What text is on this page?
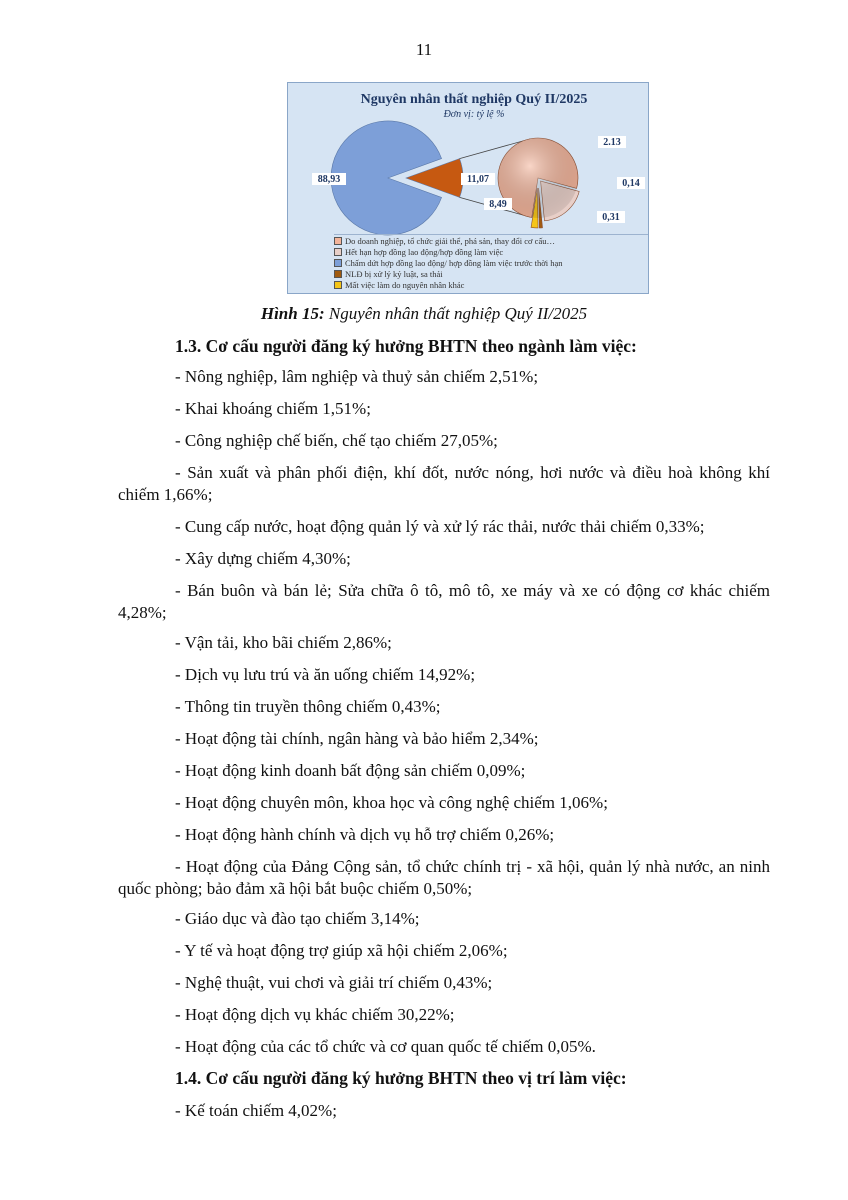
11
Nguyên nhân thất nghiệp Quý II/2025
Đơn vị: tỷ lệ %
88,93	11,07
8,49
2.13
0,14
0,31
Do doanh nghiệp, tổ chức giải thể, phá sản, thay đổi cơ cấu…
Hết hạn hợp đồng lao động/hợp đồng làm việc
Chấm dứt hợp đồng lao động/ hợp đồng làm việc trước thời hạn
NLĐ bị xử lý kỷ luật, sa thải
Mất việc làm do nguyên nhân khác
Hình 15: Nguyên nhân thất nghiệp Quý II/2025
1.3. Cơ cấu người đăng ký hưởng BHTN theo ngành làm việc:
- Nông nghiệp, lâm nghiệp và thuỷ sản chiếm 2,51%;
- Khai khoáng chiếm 1,51%;
- Công nghiệp chế biến, chế tạo chiếm 27,05%;
- Sản xuất và phân phối điện, khí đốt, nước nóng, hơi nước và điều hoà không khí chiếm 1,66%;
- Cung cấp nước, hoạt động quản lý và xử lý rác thải, nước thải chiếm 0,33%;
- Xây dựng chiếm 4,30%;
- Bán buôn và bán lẻ; Sửa chữa ô tô, mô tô, xe máy và xe có động cơ khác chiếm 4,28%;
- Vận tải, kho bãi chiếm 2,86%;
- Dịch vụ lưu trú và ăn uống chiếm 14,92%;
- Thông tin truyền thông chiếm 0,43%;
- Hoạt động tài chính, ngân hàng và bảo hiểm 2,34%;
- Hoạt động kinh doanh bất động sản chiếm 0,09%;
- Hoạt động chuyên môn, khoa học và công nghệ chiếm 1,06%;
- Hoạt động hành chính và dịch vụ hỗ trợ chiếm 0,26%;
- Hoạt động của Đảng Cộng sản, tổ chức chính trị - xã hội, quản lý nhà nước, an ninh quốc phòng; bảo đảm xã hội bắt buộc chiếm 0,50%;
- Giáo dục và đào tạo chiếm 3,14%;
- Y tế và hoạt động trợ giúp xã hội chiếm 2,06%;
- Nghệ thuật, vui chơi và giải trí chiếm 0,43%;
- Hoạt động dịch vụ khác chiếm 30,22%;
- Hoạt động của các tổ chức và cơ quan quốc tế chiếm 0,05%.
1.4. Cơ cấu người đăng ký hưởng BHTN theo vị trí làm việc:
- Kế toán chiếm 4,02%;
